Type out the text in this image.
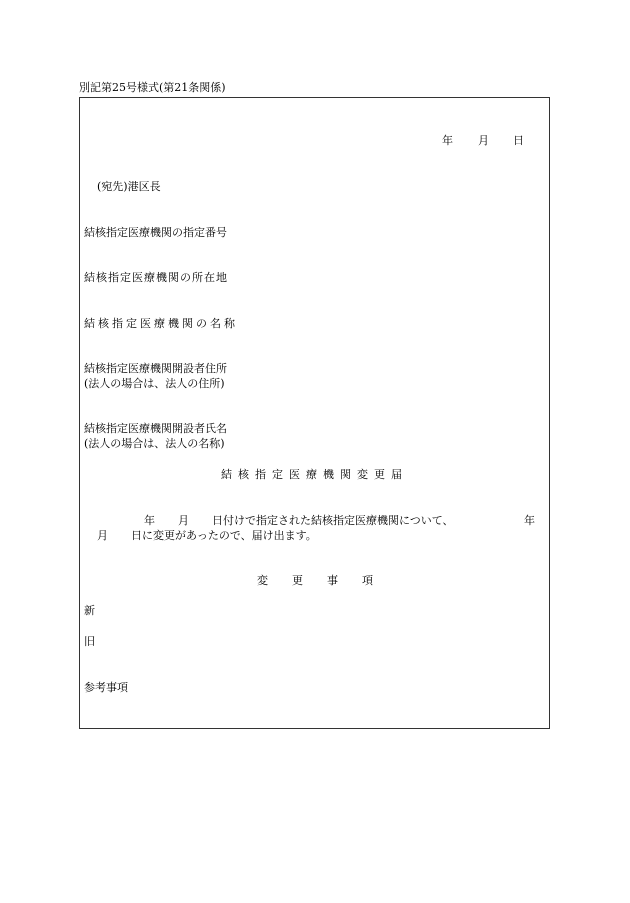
別記第25号様式(第21条関係)
年 月 日
(宛先)港区長
結核指定医療機関の指定番号
結核指定医療機関の所在地
結核指定医療機関の名称
結核指定医療機関開設者住所
(法人の場合は、法人の住所)
結核指定医療機関開設者氏名
(法人の場合は、法人の名称)
結核指定医療機関変更届
年 月 日付けで指定された結核指定医療機関について、	年
月 日に変更があったので、届け出ます。
変 更 事 項
新
旧
参考事項
